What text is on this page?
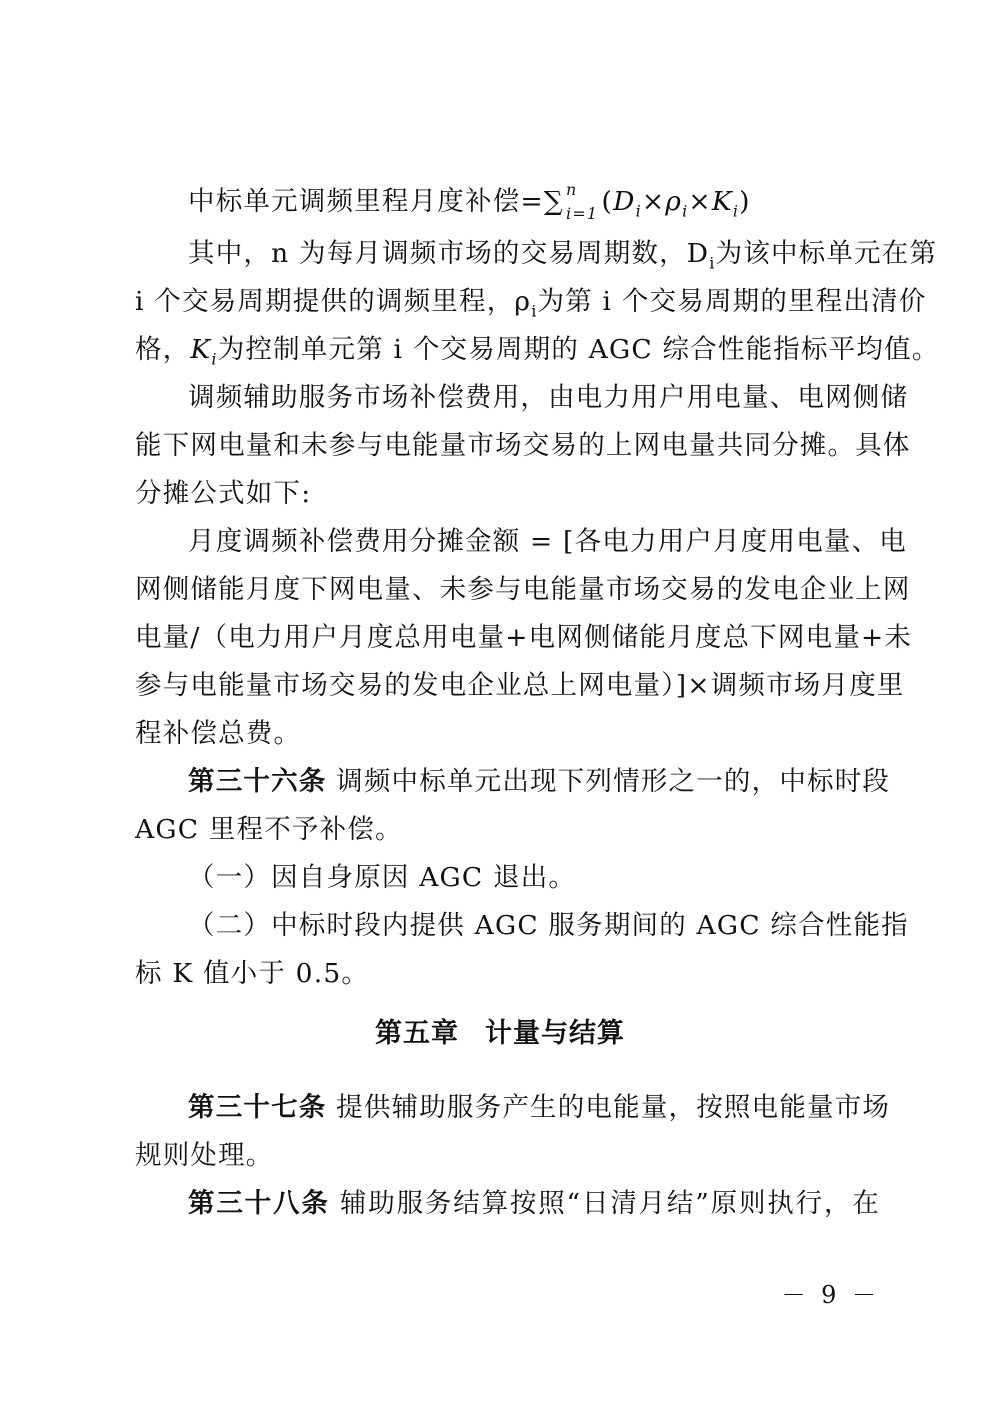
中标单元调频里程月度补偿=∑ n
i=1
$(D_i\times\rho_i\times K_i)$
其中，n 为每月调频市场的交易周期数，$D_i$为该中标单元在第
i 个交易周期提供的调频里程，$\rho_i$为第 i 个交易周期的里程出清价
格，$K_i$为控制单元第 i 个交易周期的 AGC 综合性能指标平均值。
调频辅助服务市场补偿费用，由电力用户用电量、电网侧储
能下网电量和未参与电能量市场交易的上网电量共同分摊。具体
分摊公式如下:
月度调频补偿费用分摊金额 = [各电力用户月度用电量、电
网侧储能月度下网电量、未参与电能量市场交易的发电企业上网
电量/（电力用户月度总用电量+电网侧储能月度总下网电量+未
参与电能量市场交易的发电企业总上网电量）]×调频市场月度里
程补偿总费。
第三十六条 调频中标单元出现下列情形之一的，中标时段
AGC 里程不予补偿。
（一）因自身原因 AGC 退出。
（二）中标时段内提供 AGC 服务期间的 AGC 综合性能指
标 K 值小于 0.5。
第五章 计量与结算
第三十七条 提供辅助服务产生的电能量，按照电能量市场
规则处理。
第三十八条 辅助服务结算按照“日清月结”原则执行，在
－ 9 －
